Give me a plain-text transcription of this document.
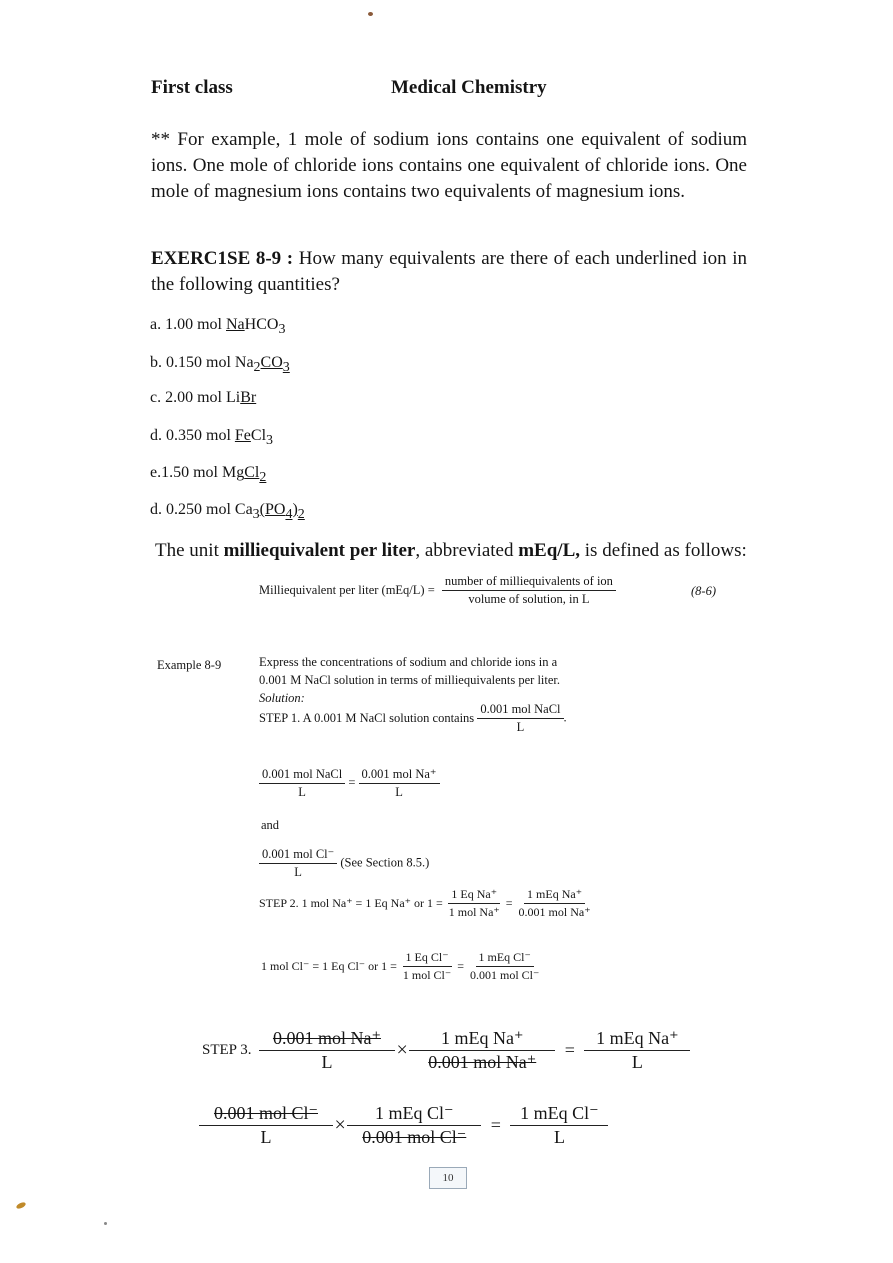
First class	Medical Chemistry
** For example, 1 mole of sodium ions contains one equivalent of sodium ions. One mole of chloride ions contains one equivalent of chloride ions. One mole of magnesium ions contains two equivalents of magnesium ions.
EXERC1SE 8-9 : How many equivalents are there of each underlined ion in the following quantities?
a. 1.00 mol NaHCO$_3$
b. 0.150 mol $Na_2CO_3$
c. 2.00 mol LiBr
d. 0.350 mol FeCl$_3$
e.1.50 mol MgCl$_2$
d. 0.250 mol $Ca_3(PO_4)_2$
The unit milliequivalent per liter, abbreviated mEq/L, is defined as follows:
Milliequivalent per liter $(mEq/L) = \frac{\text{number of milliequivalents of ion}}{\text{volume of solution, in L}}$	(8-6)
Example 8-9	Express the concentrations of sodium and chloride ions in a
0.001 M NaCl solution in terms of milliequivalents per liter.
Solution:
STEP 1. A 0.001 M NaCl solution contains $\frac{\text{0.001 mol NaCl}}{L}$ .
$\frac{\text{0.001 mol NaCl}}{L} = \frac{\text{0.001 mol Na⁺}}{L}$
and
$\frac{\text{0.001 mol Cl⁻}}{L} (See$ Section 8.5.)
STEP 2. 1 mol Na⁺ = 1 Eq Na⁺ or $1 = \frac{\text{1 Eq Na⁺}}{\text{1 mol Na⁺}} = \frac{\text{1 mEq Na⁺}}{\text{0.001 mol Na⁺}}$
1 mol Cl⁻ = 1 Eq Cl⁻ or $1 = \frac{\text{1 Eq Cl⁻}}{\text{1 mol Cl⁻}} = \frac{\text{1 mEq Cl⁻}}{\text{0.001 mol Cl⁻}}$
STEP 3. $\frac{\text{0.001 mol Na⁺}}{L} \times \frac{\text{1 mEq Na⁺}}{\text{0.001 mol Na⁺}} = \frac{\text{1 mEq Na⁺}}{L}$
$\frac{\text{0.001 mol Cl⁻}}{L} \times \frac{\text{1 mEq Cl⁻}}{\text{0.001 mol Cl⁻}} = \frac{\text{1 mEq Cl⁻}}{L}$
10
